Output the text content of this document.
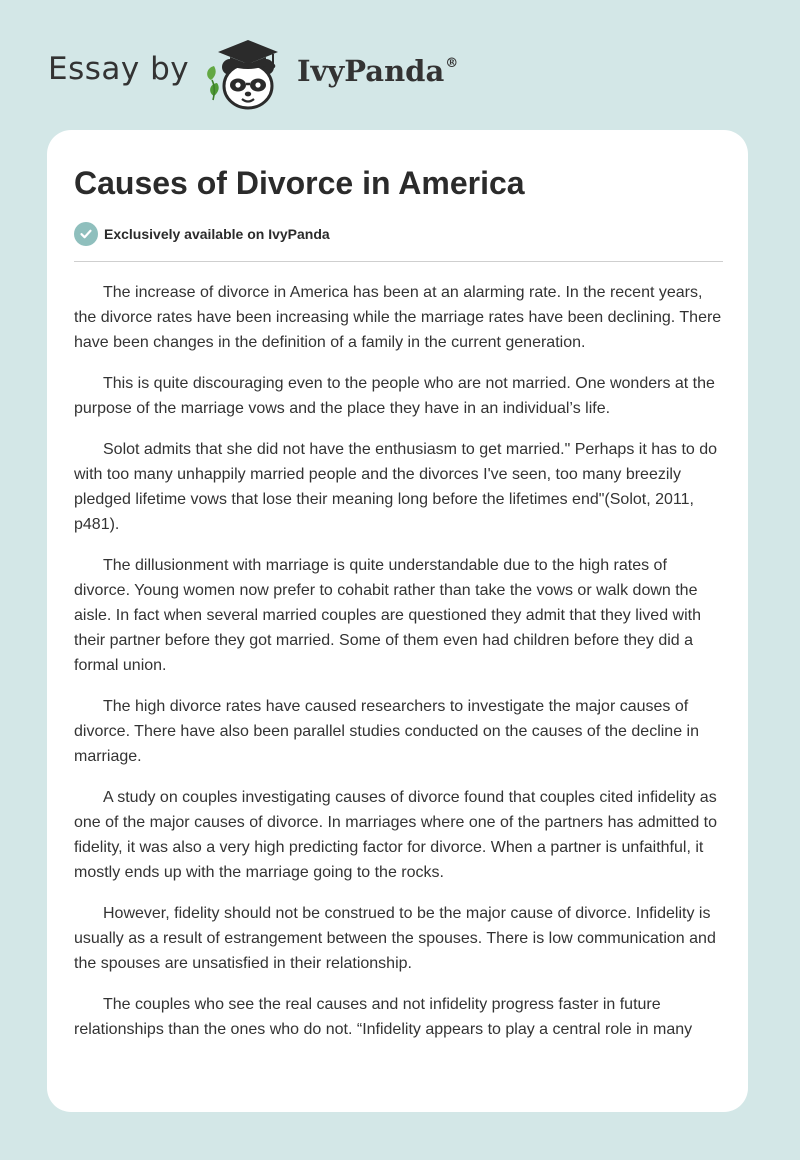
Essay by	IvyPanda®
Causes of Divorce in America
Exclusively available on IvyPanda

The increase of divorce in America has been at an alarming rate. In the recent years, the divorce rates have been increasing while the marriage rates have been declining. There have been changes in the definition of a family in the current generation.

This is quite discouraging even to the people who are not married. One wonders at the purpose of the marriage vows and the place they have in an individual’s life.

Solot admits that she did not have the enthusiasm to get married." Perhaps it has to do with too many unhappily married people and the divorces I've seen, too many breezily pledged lifetime vows that lose their meaning long before the lifetimes end"(Solot, 2011, p481).

The dillusionment with marriage is quite understandable due to the high rates of divorce. Young women now prefer to cohabit rather than take the vows or walk down the aisle. In fact when several married couples are questioned they admit that they lived with their partner before they got married. Some of them even had children before they did a formal union.

The high divorce rates have caused researchers to investigate the major causes of divorce. There have also been parallel studies conducted on the causes of the decline in marriage.

A study on couples investigating causes of divorce found that couples cited infidelity as one of the major causes of divorce. In marriages where one of the partners has admitted to fidelity, it was also a very high predicting factor for divorce. When a partner is unfaithful, it mostly ends up with the marriage going to the rocks.

However, fidelity should not be construed to be the major cause of divorce. Infidelity is usually as a result of estrangement between the spouses. There is low communication and the spouses are unsatisfied in their relationship.

The couples who see the real causes and not infidelity progress faster in future relationships than the ones who do not. “Infidelity appears to play a central role in many
